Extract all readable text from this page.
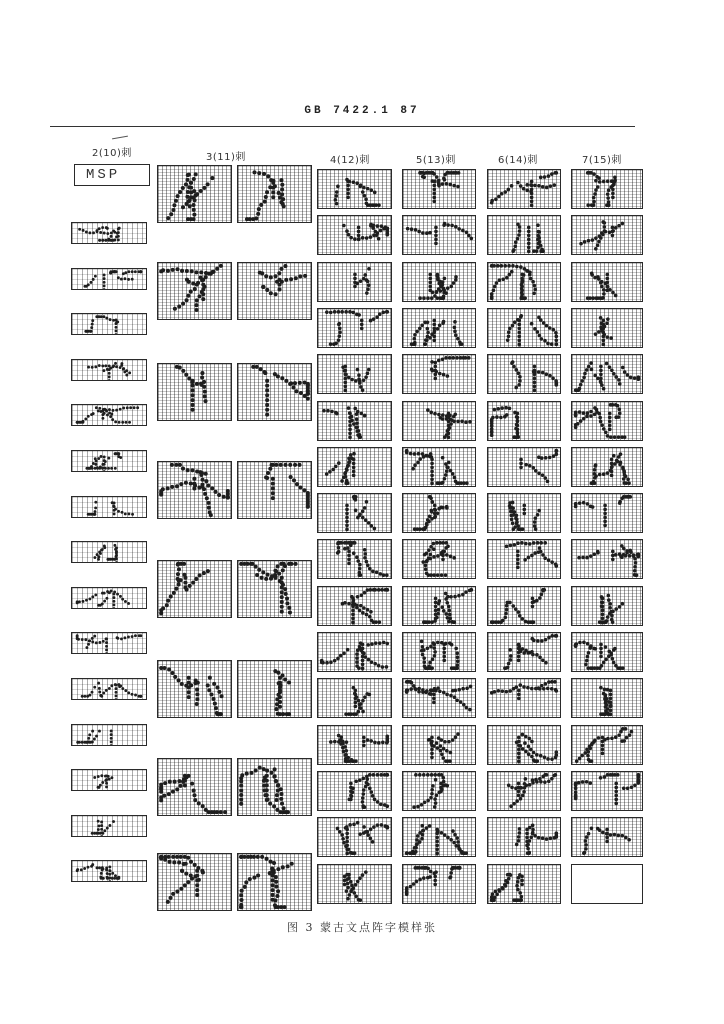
GB 7422.1 87
2(10)刺	3(11)刺	4(12)刺	5(13)刺	6(14)刺	7(15)刺
MSP
图 3 蒙古文点阵字模样张
